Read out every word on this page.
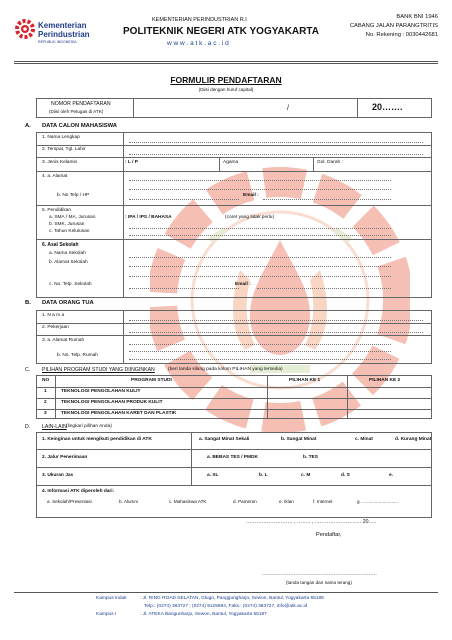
Kementerian
Perindustrian
REPUBLIK INDONESIA
KEMENTERIAN PERINDUSTRIAN R.I
POLITEKNIK NEGERI ATK YOGYAKARTA
w w w . a t k . a c . i d
BANK BNI 1946
CABANG JALAN PARANGTRITIS
No. Rekening : 0030442681
FORMULIR PENDAFTARAN
(Diisi dengan huruf capital)
NOMOR PENDAFTARAN
(Diisi oleh Petugas di ATK)	/	20…….
A. DATA CALON MAHASISWA
1. Nama Lengkap
2. Tempat, Tgl. Lahir
3. Jenis Kelamin	: L / P	Agama	Gol. Darah :
4. a. Alamat
b. No Telp / HP	Email :
5. Pendidikan
a. SMA / MA, Jurusan	: IPA / IPS / BAHASA	(coret yang tidak perlu)
b. SMK, Jurusan
c. Tahun Kelulusan
6. Asal Sekolah
a. Nama Sekolah
b. Alamat Sekolah
c. No. Telp. Sekolah	Email :
B. DATA ORANG TUA
1. N a m a
2. Pekerjaan
3. a. Alamat Rumah
b. No. Telp. Rumah
C. PILIHAN PROGRAM STUDI YANG DIINGINKAN	(beri tanda silang pada kolom PILIHAN yang tersedia)
NO	PROGRAM STUDI	PILIHAN KE 1	PILIHAN KE 2
1	TEKNOLOGI PENGOLAHAN KULIT
2	TEKNOLOGI PENGOLAHAN PRODUK KULIT
3	TEKNOLOGI PENGOLAHAN KARET DAN PLASTIK
D. LAIN-LAIN (lingkari pilihan Anda)
1. Keinginan untuk mengikuti pendidikan di ATK	a. Sangat Minat Sekali	b. Sangat Minat	c. Minat	d. Kurang Minat
2. Jalur Penerimaan	a. BEBAS TES / PMDK	b. TES
3. Ukuran Jas	a. XL	b. L	c. M	d. S	e.
4. Informasi ATK diperoleh dari:
a. Sekolah/Presentasi	b. Alumni	c. Mahasiswa ATK	d. Pameran	e. Iklan	f. Internet	g. ............................
……………………… , …….. , ……………………… 20…..
Pendaftar,
……………………………………………………………
(tanda tangan dan nama terang)
Kampus Induk	: Jl. RING ROAD SELATAN, Glugo, Panggungharjo, Sewon, Bantul, Yogyakarta 55188
Telp.: (0274) 383727 ; (0274) 9125894, Faks.: (0274) 383727, info@atk.ac.id
Kampus I	: Jl. ATEKA Bangunharjo, Sewon, Bantul, Yogyakarta 55187
